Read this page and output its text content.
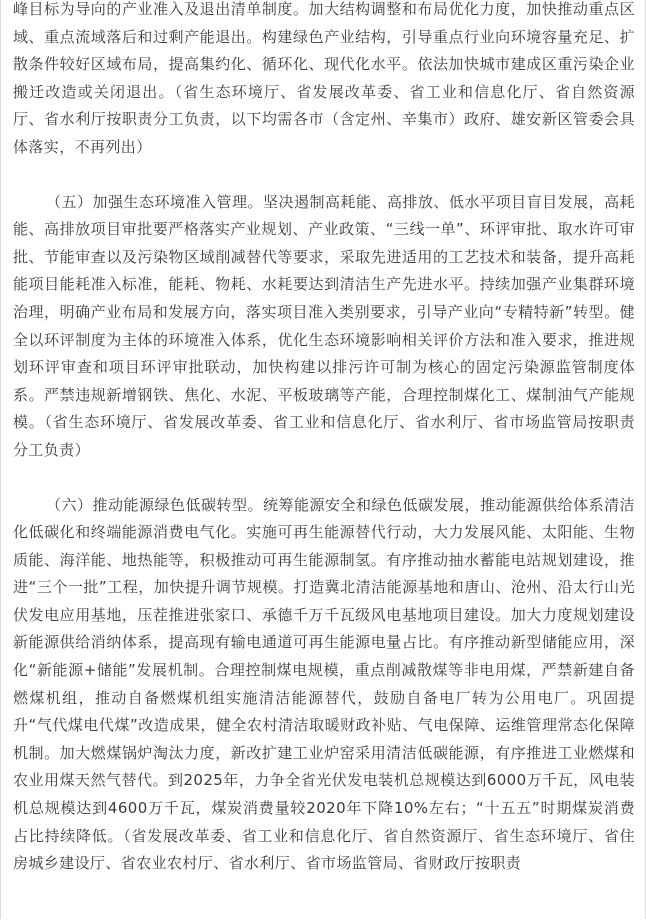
峰目标为导向的产业准入及退出清单制度。加大结构调整和布局优化力度，加快推动重点区域、重点流域落后和过剩产能退出。构建绿色产业结构，引导重点行业向环境容量充足、扩散条件较好区域布局，提高集约化、循环化、现代化水平。依法加快城市建成区重污染企业搬迁改造或关闭退出。（省生态环境厅、省发展改革委、省工业和信息化厅、省自然资源厅、省水利厅按职责分工负责，以下均需各市（含定州、辛集市）政府、雄安新区管委会具体落实，不再列出）

（五）加强生态环境准入管理。坚决遏制高耗能、高排放、低水平项目盲目发展，高耗能、高排放项目审批要严格落实产业规划、产业政策、“三线一单”、环评审批、取水许可审批、节能审查以及污染物区域削减替代等要求，采取先进适用的工艺技术和装备，提升高耗能项目能耗准入标准，能耗、物耗、水耗要达到清洁生产先进水平。持续加强产业集群环境治理，明确产业布局和发展方向，落实项目准入类别要求，引导产业向“专精特新”转型。健全以环评制度为主体的环境准入体系，优化生态环境影响相关评价方法和准入要求，推进规划环评审查和项目环评审批联动，加快构建以排污许可制为核心的固定污染源监管制度体系。严禁违规新增钢铁、焦化、水泥、平板玻璃等产能，合理控制煤化工、煤制油气产能规模。（省生态环境厅、省发展改革委、省工业和信息化厅、省水利厅、省市场监管局按职责分工负责）

（六）推动能源绿色低碳转型。统筹能源安全和绿色低碳发展，推动能源供给体系清洁化低碳化和终端能源消费电气化。实施可再生能源替代行动，大力发展风能、太阳能、生物质能、海洋能、地热能等，积极推动可再生能源制氢。有序推动抽水蓄能电站规划建设，推进“三个一批”工程，加快提升调节规模。打造冀北清洁能源基地和唐山、沧州、沿太行山光伏发电应用基地，压茬推进张家口、承德千万千瓦级风电基地项目建设。加大力度规划建设新能源供给消纳体系，提高现有输电通道可再生能源电量占比。有序推动新型储能应用，深化“新能源+储能”发展机制。合理控制煤电规模，重点削减散煤等非电用煤，严禁新建自备燃煤机组，推动自备燃煤机组实施清洁能源替代，鼓励自备电厂转为公用电厂。巩固提升“气代煤电代煤”改造成果，健全农村清洁取暖财政补贴、气电保障、运维管理常态化保障机制。加大燃煤锅炉淘汰力度，新改扩建工业炉窑采用清洁低碳能源，有序推进工业燃煤和农业用煤天然气替代。到2025年，力争全省光伏发电装机总规模达到6000万千瓦，风电装机总规模达到4600万千瓦，煤炭消费量较2020年下降10%左右；“十五五”时期煤炭消费占比持续降低。（省发展改革委、省工业和信息化厅、省自然资源厅、省生态环境厅、省住房城乡建设厅、省农业农村厅、省水利厅、省市场监管局、省财政厅按职责
